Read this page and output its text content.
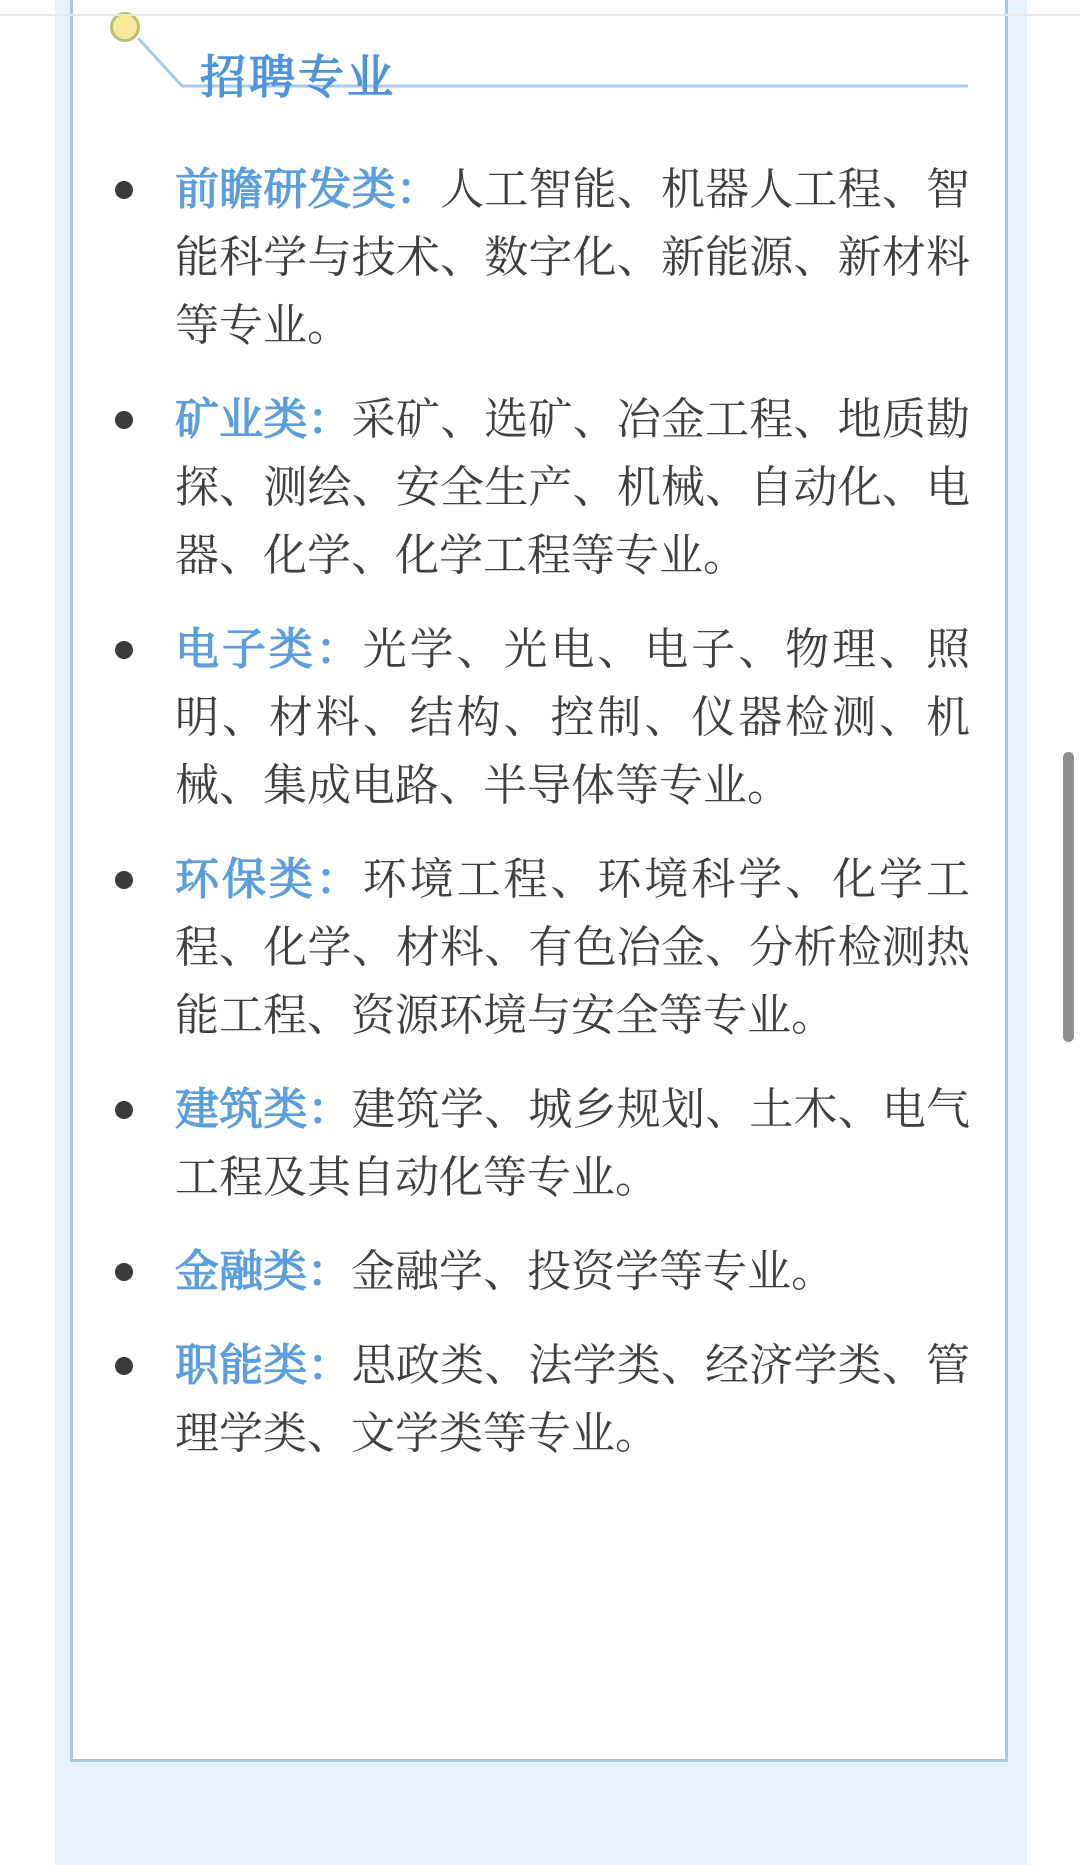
招聘专业

前瞻研发类：人工智能、机器人工程、智能科学与技术、数字化、新能源、新材料等专业。

矿业类：采矿、选矿、冶金工程、地质勘探、测绘、安全生产、机械、自动化、电器、化学、化学工程等专业。

电子类：光学、光电、电子、物理、照明、材料、结构、控制、仪器检测、机械、集成电路、半导体等专业。

环保类：环境工程、环境科学、化学工程、化学、材料、有色冶金、分析检测热能工程、资源环境与安全等专业。

建筑类：建筑学、城乡规划、土木、电气工程及其自动化等专业。

金融类：金融学、投资学等专业。

职能类：思政类、法学类、经济学类、管理学类、文学类等专业。
